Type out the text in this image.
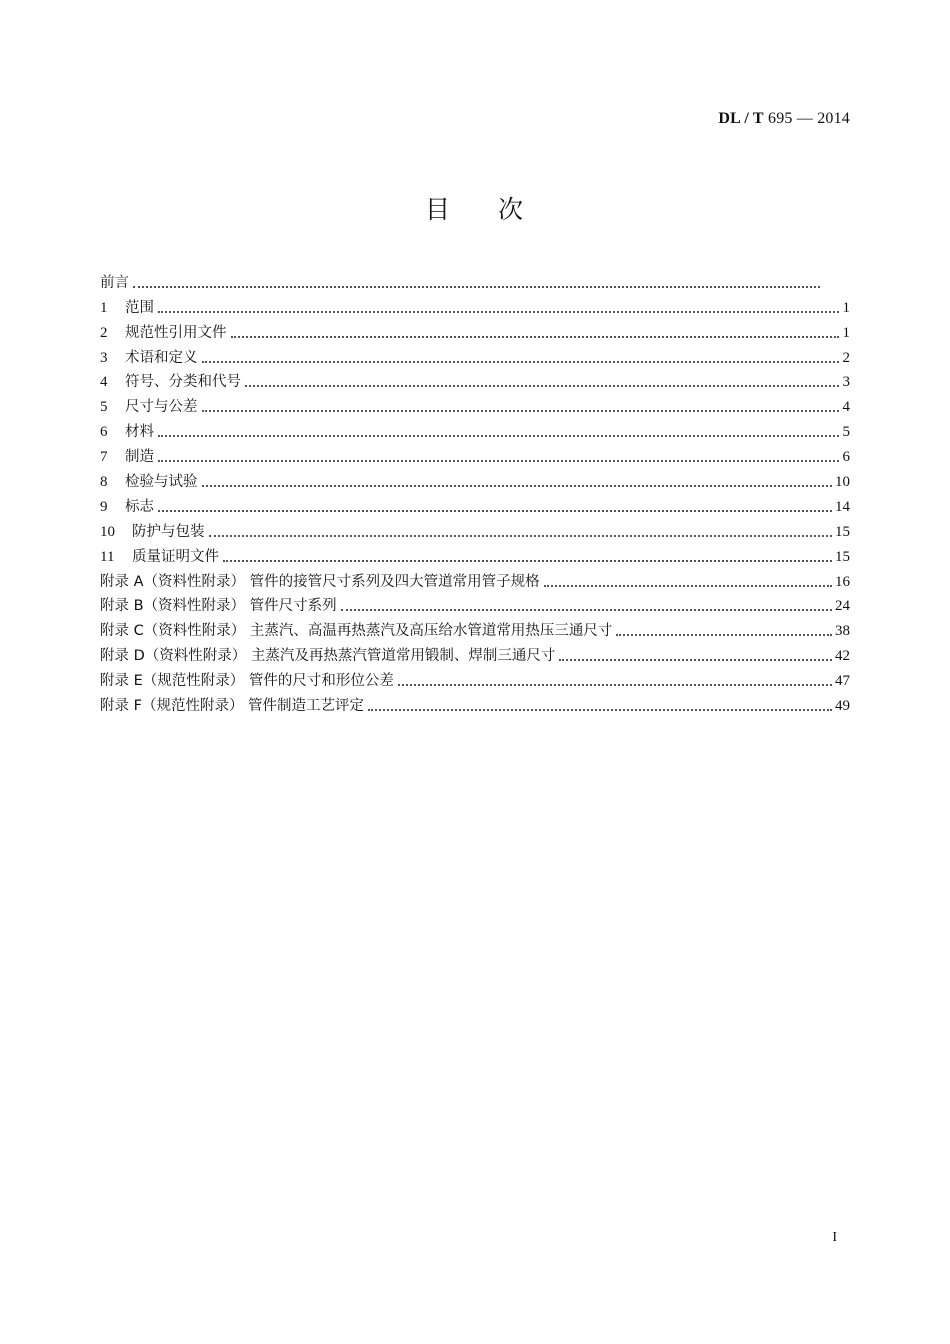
DL / T 695 — 2014
目 次
前言
1 范围	1
2 规范性引用文件	1
3 术语和定义	2
4 符号、分类和代号	3
5 尺寸与公差	4
6 材料	5
7 制造	6
8 检验与试验	10
9 标志	14
10 防护与包装	15
11 质量证明文件	15
附录 A（资料性附录） 管件的接管尺寸系列及四大管道常用管子规格	16
附录 B（资料性附录） 管件尺寸系列	24
附录 C（资料性附录） 主蒸汽、高温再热蒸汽及高压给水管道常用热压三通尺寸	38
附录 D（资料性附录） 主蒸汽及再热蒸汽管道常用锻制、焊制三通尺寸	42
附录 E（规范性附录） 管件的尺寸和形位公差	47
附录 F（规范性附录） 管件制造工艺评定	49
I
